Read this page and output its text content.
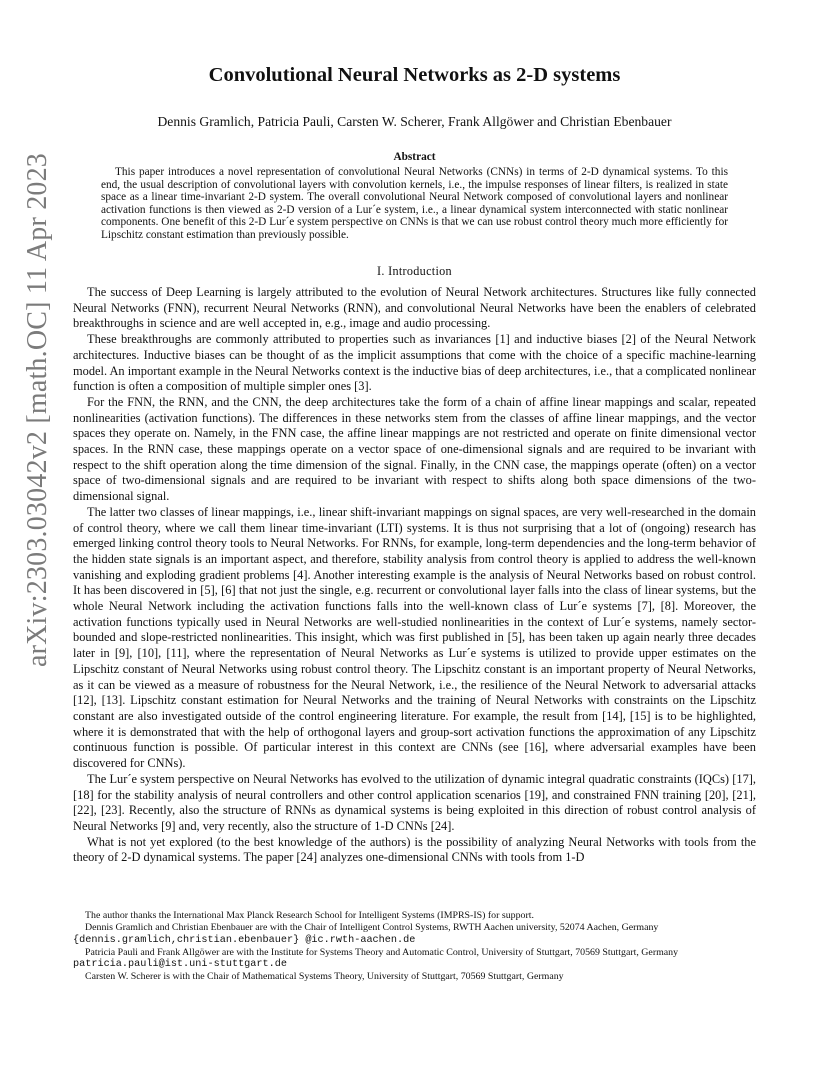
arXiv:2303.03042v2 [math.OC] 11 Apr 2023
Convolutional Neural Networks as 2-D systems
Dennis Gramlich, Patricia Pauli, Carsten W. Scherer, Frank Allgöwer and Christian Ebenbauer
Abstract
This paper introduces a novel representation of convolutional Neural Networks (CNNs) in terms of 2-D dynamical systems. To this end, the usual description of convolutional layers with convolution kernels, i.e., the impulse responses of linear filters, is realized in state space as a linear time-invariant 2-D system. The overall convolutional Neural Network composed of convolutional layers and nonlinear activation functions is then viewed as 2-D version of a Lur´e system, i.e., a linear dynamical system interconnected with static nonlinear components. One benefit of this 2-D Lur´e system perspective on CNNs is that we can use robust control theory much more efficiently for Lipschitz constant estimation than previously possible.
I. Introduction

The success of Deep Learning is largely attributed to the evolution of Neural Network architectures. Structures like fully connected Neural Networks (FNN), recurrent Neural Networks (RNN), and convolutional Neural Networks have been the enablers of celebrated breakthroughs in science and are well accepted in, e.g., image and audio processing.

These breakthroughs are commonly attributed to properties such as invariances [1] and inductive biases [2] of the Neural Network architectures. Inductive biases can be thought of as the implicit assumptions that come with the choice of a specific machine-learning model. An important example in the Neural Networks context is the inductive bias of deep architectures, i.e., that a complicated nonlinear function is often a composition of multiple simpler ones [3].

For the FNN, the RNN, and the CNN, the deep architectures take the form of a chain of affine linear mappings and scalar, repeated nonlinearities (activation functions). The differences in these networks stem from the classes of affine linear mappings, and the vector spaces they operate on. Namely, in the FNN case, the affine linear mappings are not restricted and operate on finite dimensional vector spaces. In the RNN case, these mappings operate on a vector space of one-dimensional signals and are required to be invariant with respect to the shift operation along the time dimension of the signal. Finally, in the CNN case, the mappings operate (often) on a vector space of two-dimensional signals and are required to be invariant with respect to shifts along both space dimensions of the two-dimensional signal.

The latter two classes of linear mappings, i.e., linear shift-invariant mappings on signal spaces, are very well-researched in the domain of control theory, where we call them linear time-invariant (LTI) systems. It is thus not surprising that a lot of (ongoing) research has emerged linking control theory tools to Neural Networks. For RNNs, for example, long-term dependencies and the long-term behavior of the hidden state signals is an important aspect, and therefore, stability analysis from control theory is applied to address the well-known vanishing and exploding gradient problems [4]. Another interesting example is the analysis of Neural Networks based on robust control. It has been discovered in [5], [6] that not just the single, e.g. recurrent or convolutional layer falls into the class of linear systems, but the whole Neural Network including the activation functions falls into the well-known class of Lur´e systems [7], [8]. Moreover, the activation functions typically used in Neural Networks are well-studied nonlinearities in the context of Lur´e systems, namely sector-bounded and slope-restricted nonlinearities. This insight, which was first published in [5], has been taken up again nearly three decades later in [9], [10], [11], where the representation of Neural Networks as Lur´e systems is utilized to provide upper estimates on the Lipschitz constant of Neural Networks using robust control theory. The Lipschitz constant is an important property of Neural Networks, as it can be viewed as a measure of robustness for the Neural Network, i.e., the resilience of the Neural Network to adversarial attacks [12], [13]. Lipschitz constant estimation for Neural Networks and the training of Neural Networks with constraints on the Lipschitz constant are also investigated outside of the control engineering literature. For example, the result from [14], [15] is to be highlighted, where it is demonstrated that with the help of orthogonal layers and group-sort activation functions the approximation of any Lipschitz continuous function is possible. Of particular interest in this context are CNNs (see [16], where adversarial examples have been discovered for CNNs).

The Lur´e system perspective on Neural Networks has evolved to the utilization of dynamic integral quadratic constraints (IQCs) [17], [18] for the stability analysis of neural controllers and other control application scenarios [19], and constrained FNN training [20], [21], [22], [23]. Recently, also the structure of RNNs as dynamical systems is being exploited in this direction of robust control analysis of Neural Networks [9] and, very recently, also the structure of 1-D CNNs [24].

What is not yet explored (to the best knowledge of the authors) is the possibility of analyzing Neural Networks with tools from the theory of 2-D dynamical systems. The paper [24] analyzes one-dimensional CNNs with tools from 1-D

The author thanks the International Max Planck Research School for Intelligent Systems (IMPRS-IS) for support.

Dennis Gramlich and Christian Ebenbauer are with the Chair of Intelligent Control Systems, RWTH Aachen university, 52074 Aachen, Germany

{dennis.gramlich,christian.ebenbauer} @ic.rwth-aachen.de

Patricia Pauli and Frank Allgöwer are with the Institute for Systems Theory and Automatic Control, University of Stuttgart, 70569 Stuttgart, Germany

patricia.pauli@ist.uni-stuttgart.de

Carsten W. Scherer is with the Chair of Mathematical Systems Theory, University of Stuttgart, 70569 Stuttgart, Germany
